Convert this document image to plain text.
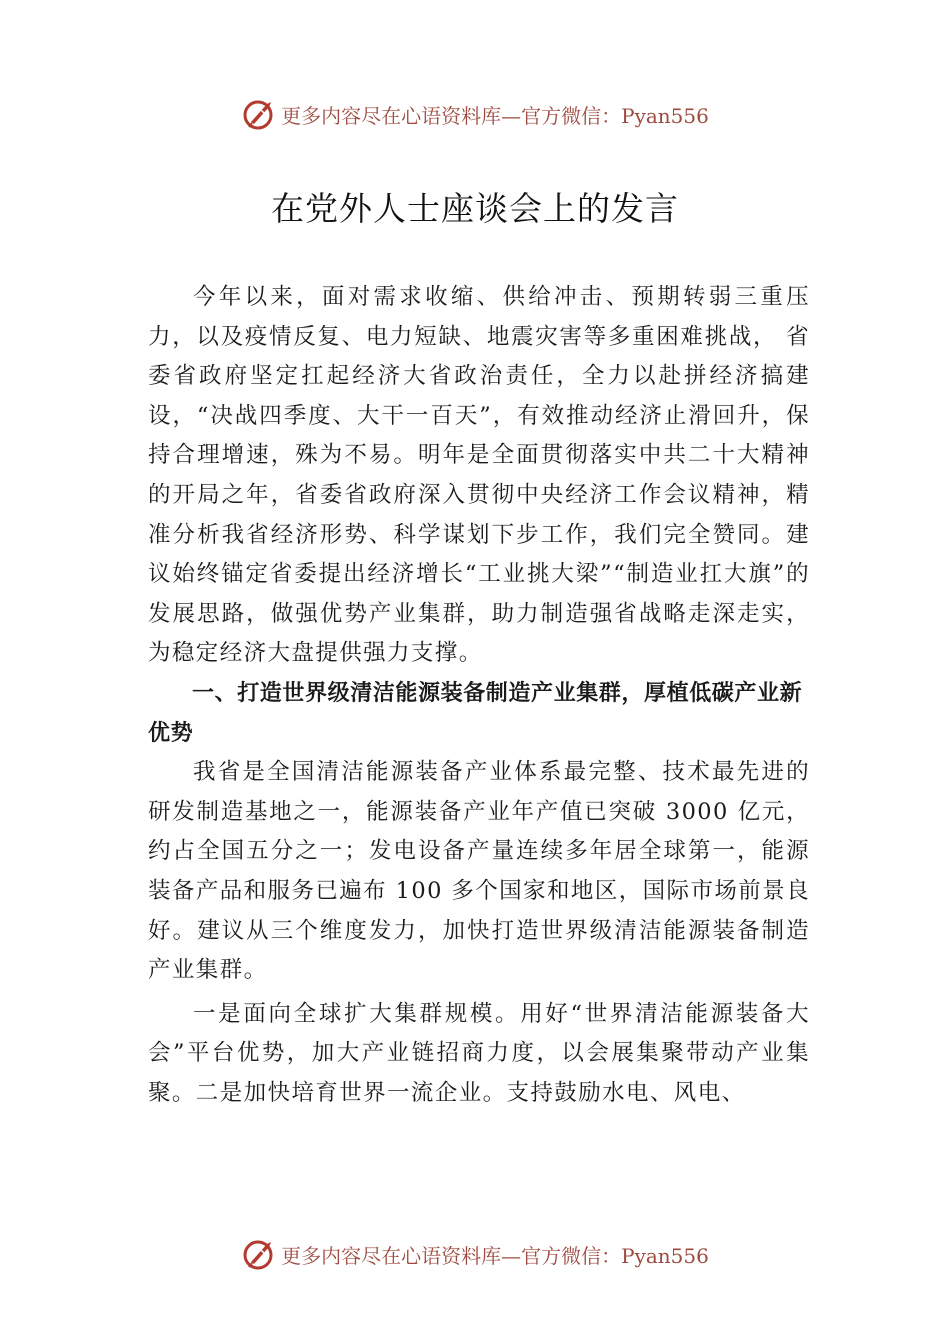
更多内容尽在心语资料库—官方微信：Pyan556
在党外人士座谈会上的发言

今年以来，面对需求收缩、供给冲击、预期转弱三重压力，以及疫情反复、电力短缺、地震灾害等多重困难挑战， 省委省政府坚定扛起经济大省政治责任，全力以赴拼经济搞建设，“决战四季度、大干一百天”，有效推动经济止滑回升，保持合理增速，殊为不易。明年是全面贯彻落实中共二十大精神的开局之年，省委省政府深入贯彻中央经济工作会议精神，精准分析我省经济形势、科学谋划下步工作，我们完全赞同。建议始终锚定省委提出经济增长“工业挑大梁”“制造业扛大旗”的发展思路，做强优势产业集群，助力制造强省战略走深走实，为稳定经济大盘提供强力支撑。

一、打造世界级清洁能源装备制造产业集群，厚植低碳产业新优势

我省是全国清洁能源装备产业体系最完整、技术最先进的研发制造基地之一，能源装备产业年产值已突破 3000 亿元，约占全国五分之一；发电设备产量连续多年居全球第一，能源装备产品和服务已遍布 100 多个国家和地区，国际市场前景良好。建议从三个维度发力，加快打造世界级清洁能源装备制造产业集群。

一是面向全球扩大集群规模。用好“世界清洁能源装备大会”平台优势，加大产业链招商力度，以会展集聚带动产业集聚。二是加快培育世界一流企业。支持鼓励水电、风电、

更多内容尽在心语资料库—官方微信：Pyan556
